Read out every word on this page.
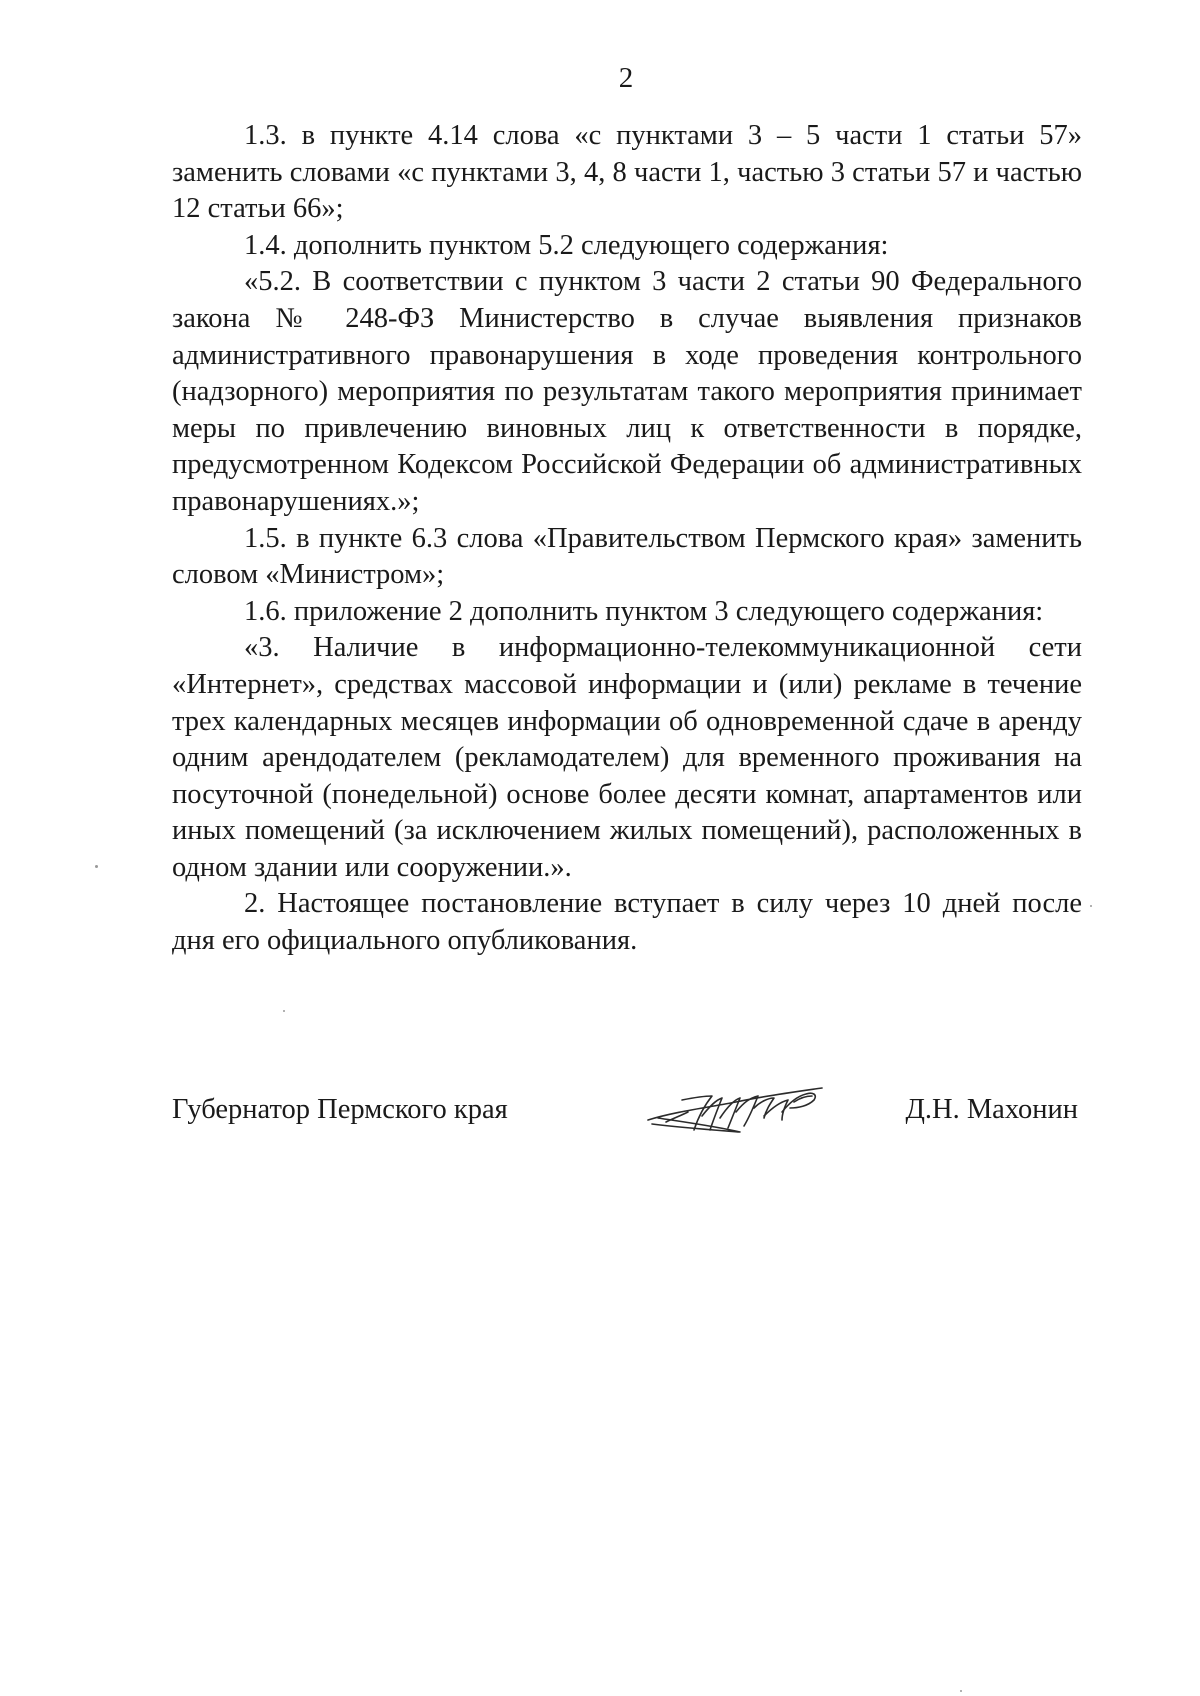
2

1.3. в пункте 4.14 слова «с пунктами 3 – 5 части 1 статьи 57» заменить словами «с пунктами 3, 4, 8 части 1, частью 3 статьи 57 и частью 12 статьи 66»;

1.4. дополнить пунктом 5.2 следующего содержания:

«5.2. В соответствии с пунктом 3 части 2 статьи 90 Федерального закона № 248-ФЗ Министерство в случае выявления признаков административного правонарушения в ходе проведения контрольного (надзорного) мероприятия по результатам такого мероприятия принимает меры по привлечению виновных лиц к ответственности в порядке, предусмотренном Кодексом Российской Федерации об административных правонарушениях.»;

1.5. в пункте 6.3 слова «Правительством Пермского края» заменить словом «Министром»;

1.6. приложение 2 дополнить пунктом 3 следующего содержания:

«3. Наличие в информационно-телекоммуникационной сети «Интернет», средствах массовой информации и (или) рекламе в течение трех календарных месяцев информации об одновременной сдаче в аренду одним арендодателем (рекламодателем) для временного проживания на посуточной (понедельной) основе более десяти комнат, апартаментов или иных помещений (за исключением жилых помещений), расположенных в одном здании или сооружении.».

2. Настоящее постановление вступает в силу через 10 дней после дня его официального опубликования.

Губернатор Пермского края	Д.Н. Махонин
